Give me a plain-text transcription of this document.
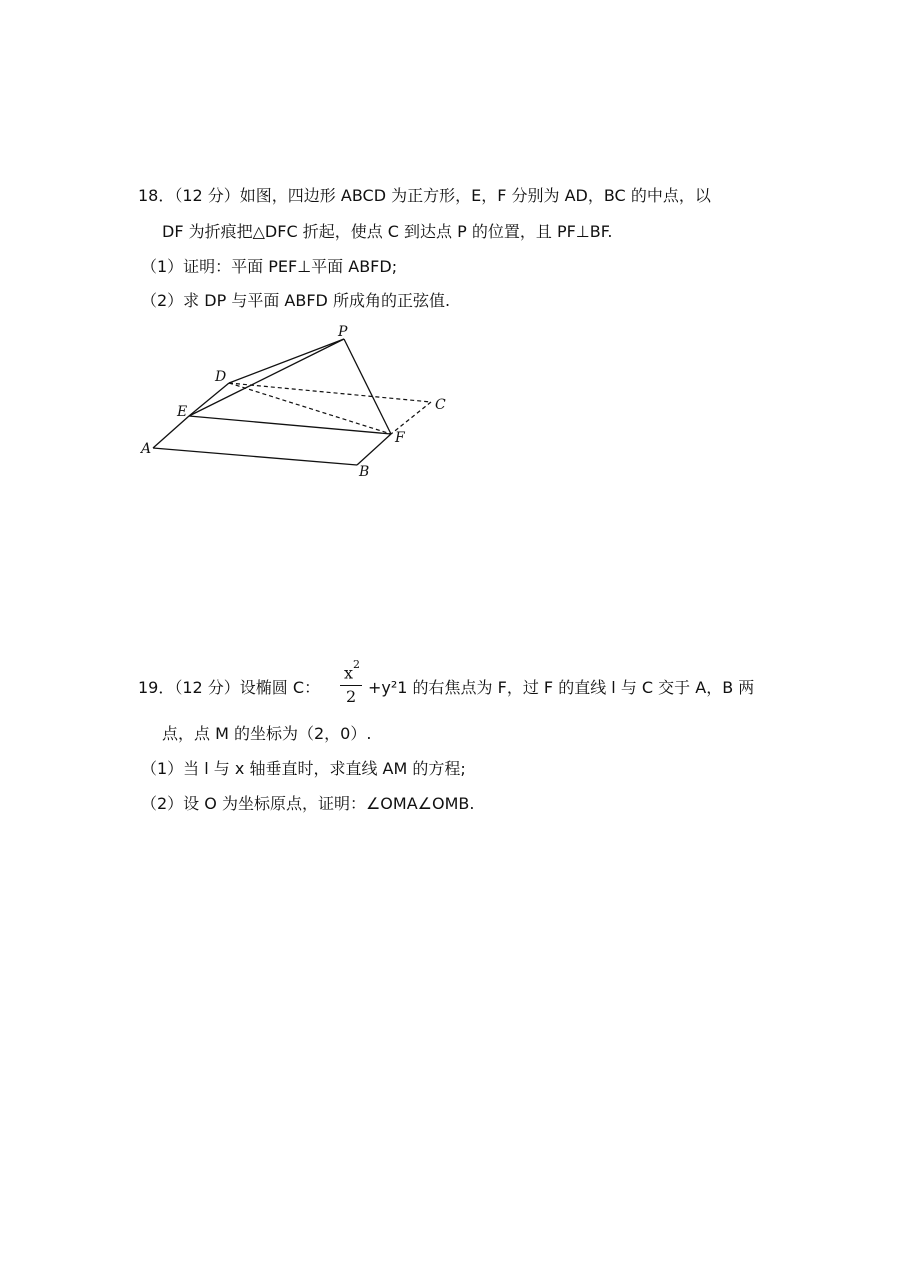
18．（12 分）如图，四边形 ABCD 为正方形，E，F 分别为 AD，BC 的中点，以
DF 为折痕把△DFC 折起，使点 C 到达点 P 的位置，且 PF⊥BF.
（1）证明：平面 PEF⊥平面 ABFD;
（2）求 DP 与平面 ABFD 所成角的正弦值.
P
D
C
E
F
A
B
19．（12 分）设椭圆 C：
$x^2$
2 +y²1 的右焦点为 F，过 F 的直线 l 与 C 交于 A，B 两
点，点 M 的坐标为（2，0）.
（1）当 l 与 x 轴垂直时，求直线 AM 的方程;
（2）设 O 为坐标原点，证明：∠OMA∠OMB.
